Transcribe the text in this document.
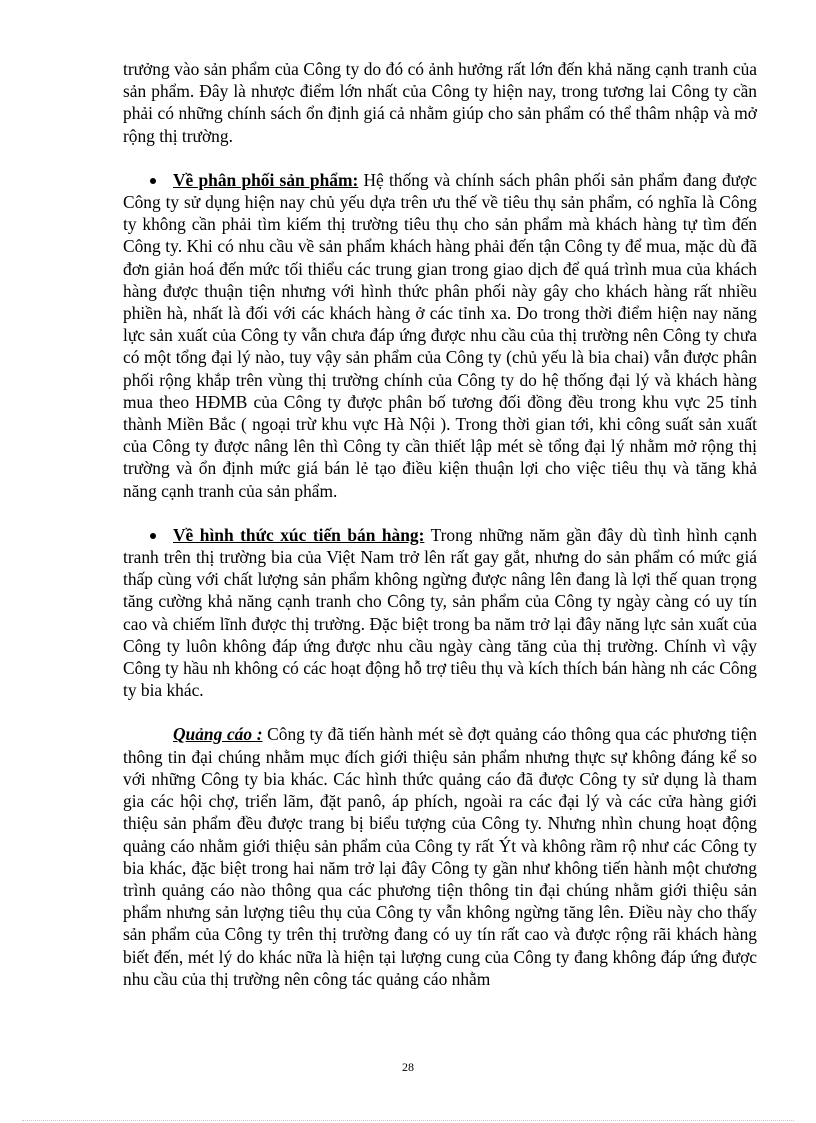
trưởng vào sản phẩm của Công ty do đó có ảnh hưởng rất lớn đến khả năng cạnh tranh của sản phẩm. Đây là nhược điểm lớn nhất của Công ty hiện nay, trong tương lai Công ty cần phải có những chính sách ổn định giá cả nhằm giúp cho sản phẩm có thể thâm nhập và mở rộng thị trường.

Về phân phối sản phẩm: Hệ thống và chính sách phân phối sản phẩm đang được Công ty sử dụng hiện nay chủ yếu dựa trên ưu thế về tiêu thụ sản phẩm, có nghĩa là Công ty không cần phải tìm kiếm thị trường tiêu thụ cho sản phẩm mà khách hàng tự tìm đến Công ty. Khi có nhu cầu về sản phẩm khách hàng phải đến tận Công ty để mua, mặc dù đã đơn giản hoá đến mức tối thiểu các trung gian trong giao dịch để quá trình mua của khách hàng được thuận tiện nhưng với hình thức phân phối này gây cho khách hàng rất nhiều phiền hà, nhất là đối với các khách hàng ở các tỉnh xa. Do trong thời điểm hiện nay năng lực sản xuất của Công ty vẫn chưa đáp ứng được nhu cầu của thị trường nên Công ty chưa có một tổng đại lý nào, tuy vậy sản phẩm của Công ty (chủ yếu là bia chai) vẫn được phân phối rộng khắp trên vùng thị trường chính của Công ty do hệ thống đại lý và khách hàng mua theo HĐMB của Công ty được phân bố tương đối đồng đều trong khu vực 25 tỉnh thành Miền Bắc ( ngoại trừ khu vực Hà Nội ). Trong thời gian tới, khi công suất sản xuất của Công ty được nâng lên thì Công ty cần thiết lập mét sè tổng đại lý nhằm mở rộng thị trường và ổn định mức giá bán lẻ tạo điều kiện thuận lợi cho việc tiêu thụ và tăng khả năng cạnh tranh của sản phẩm.

Về hình thức xúc tiến bán hàng: Trong những năm gần đây dù tình hình cạnh tranh trên thị trường bia của Việt Nam trở lên rất gay gắt, nhưng do sản phẩm có mức giá thấp cùng với chất lượng sản phẩm không ngừng được nâng lên đang là lợi thế quan trọng tăng cường khả năng cạnh tranh cho Công ty, sản phẩm của Công ty ngày càng có uy tín cao và chiếm lĩnh được thị trường. Đặc biệt trong ba năm trở lại đây năng lực sản xuất của Công ty luôn không đáp ứng được nhu cầu ngày càng tăng của thị trường. Chính vì vậy Công ty hầu nh không có các hoạt động hỗ trợ tiêu thụ và kích thích bán hàng nh các Công ty bia khác.

Quảng cáo : Công ty đã tiến hành mét sè đợt quảng cáo thông qua các phương tiện thông tin đại chúng nhằm mục đích giới thiệu sản phẩm nhưng thực sự không đáng kể so với những Công ty bia khác. Các hình thức quảng cáo đã được Công ty sử dụng là tham gia các hội chợ, triển lãm, đặt panô, áp phích, ngoài ra các đại lý và các cửa hàng giới thiệu sản phẩm đều được trang bị biểu tượng của Công ty. Nhưng nhìn chung hoạt động quảng cáo nhằm giới thiệu sản phẩm của Công ty rất Ýt và không rầm rộ như các Công ty bia khác, đặc biệt trong hai năm trở lại đây Công ty gần như không tiến hành một chương trình quảng cáo nào thông qua các phương tiện thông tin đại chúng nhằm giới thiệu sản phẩm nhưng sản lượng tiêu thụ của Công ty vẫn không ngừng tăng lên. Điều này cho thấy sản phẩm của Công ty trên thị trường đang có uy tín rất cao và được rộng rãi khách hàng biết đến, mét lý do khác nữa là hiện tại lượng cung của Công ty đang không đáp ứng được nhu cầu của thị trường nên công tác quảng cáo nhằm

28
